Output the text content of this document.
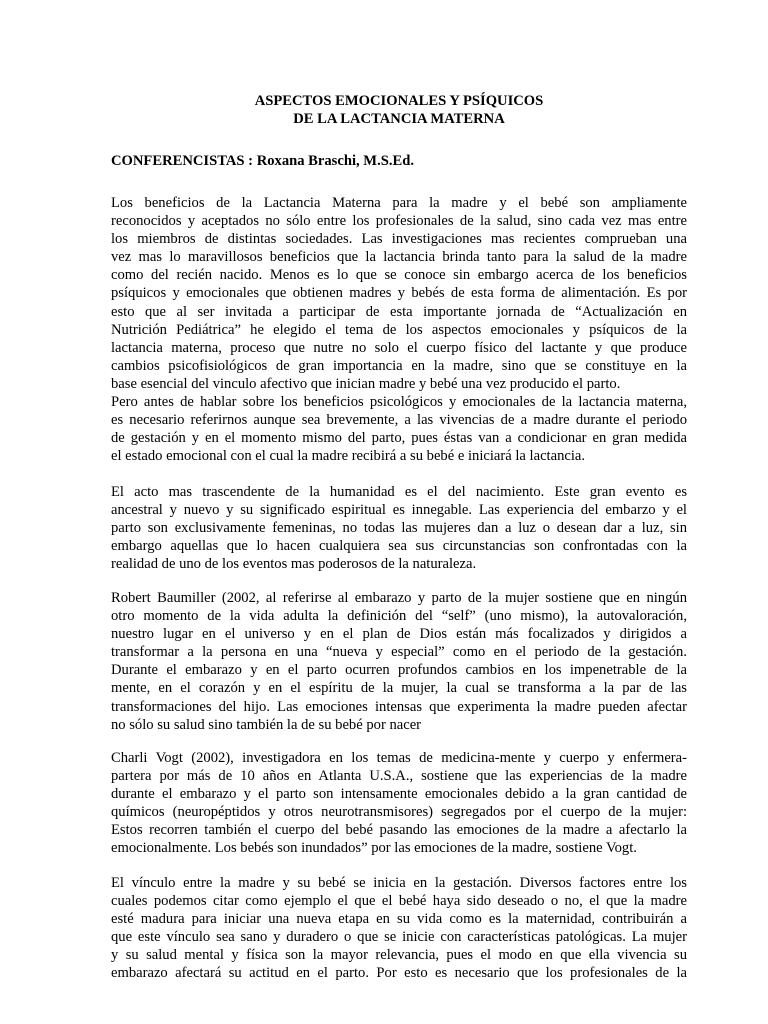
ASPECTOS EMOCIONALES Y PSÍQUICOS
DE LA LACTANCIA MATERNA

CONFERENCISTAS : Roxana Braschi, M.S.Ed.

Los beneficios de la Lactancia Materna para la madre y el bebé son ampliamente
reconocidos y aceptados no sólo entre los profesionales de la salud, sino cada vez mas entre
los miembros de distintas sociedades. Las investigaciones mas recientes comprueban una
vez mas lo maravillosos beneficios que la lactancia brinda tanto para la salud de la madre
como del recién nacido. Menos es lo que se conoce sin embargo acerca de los beneficios
psíquicos y emocionales que obtienen madres y bebés de esta forma de alimentación. Es por
esto que al ser invitada a participar de esta importante jornada de “Actualización en
Nutrición Pediátrica” he elegido el tema de los aspectos emocionales y psíquicos de la
lactancia materna, proceso que nutre no solo el cuerpo físico del lactante y que produce
cambios psicofisiológicos de gran importancia en la madre, sino que se constituye en la
base esencial del vinculo afectivo que inician madre y bebé una vez producido el parto.
Pero antes de hablar sobre los beneficios psicológicos y emocionales de la lactancia materna,
es necesario referirnos aunque sea brevemente, a las vivencias de a madre durante el periodo
de gestación y en el momento mismo del parto, pues éstas van a condicionar en gran medida
el estado emocional con el cual la madre recibirá a su bebé e iniciará la lactancia.
El acto mas trascendente de la humanidad es el del nacimiento. Este gran evento es
ancestral y nuevo y su significado espiritual es innegable. Las experiencia del embarzo y el
parto son exclusivamente femeninas, no todas las mujeres dan a luz o desean dar a luz, sin
embargo aquellas que lo hacen cualquiera sea sus circunstancias son confrontadas con la
realidad de uno de los eventos mas poderosos de la naturaleza.
Robert Baumiller (2002, al referirse al embarazo y parto de la mujer sostiene que en ningún
otro momento de la vida adulta la definición del “self” (uno mismo), la autovaloración,
nuestro lugar en el universo y en el plan de Dios están más focalizados y dirigidos a
transformar a la persona en una “nueva y especial” como en el periodo de la gestación.
Durante el embarazo y en el parto ocurren profundos cambios en los impenetrable de la
mente, en el corazón y en el espíritu de la mujer, la cual se transforma a la par de las
transformaciones del hijo. Las emociones intensas que experimenta la madre pueden afectar
no sólo su salud sino también la de su bebé por nacer
Charli Vogt (2002), investigadora en los temas de medicina-mente y cuerpo y enfermera-
partera por más de 10 años en Atlanta U.S.A., sostiene que las experiencias de la madre
durante el embarazo y el parto son intensamente emocionales debido a la gran cantidad de
químicos (neuropéptidos y otros neurotransmisores) segregados por el cuerpo de la mujer:
Estos recorren también el cuerpo del bebé pasando las emociones de la madre a afectarlo la
emocionalmente. Los bebés son inundados” por las emociones de la madre, sostiene Vogt.
El vínculo entre la madre y su bebé se inicia en la gestación. Diversos factores entre los
cuales podemos citar como ejemplo el que el bebé haya sido deseado o no, el que la madre
esté madura para iniciar una nueva etapa en su vida como es la maternidad, contribuirán a
que este vínculo sea sano y duradero o que se inicie con características patológicas. La mujer
y su salud mental y física son la mayor relevancia, pues el modo en que ella vivencia su
embarazo afectará su actitud en el parto. Por esto es necesario que los profesionales de la
